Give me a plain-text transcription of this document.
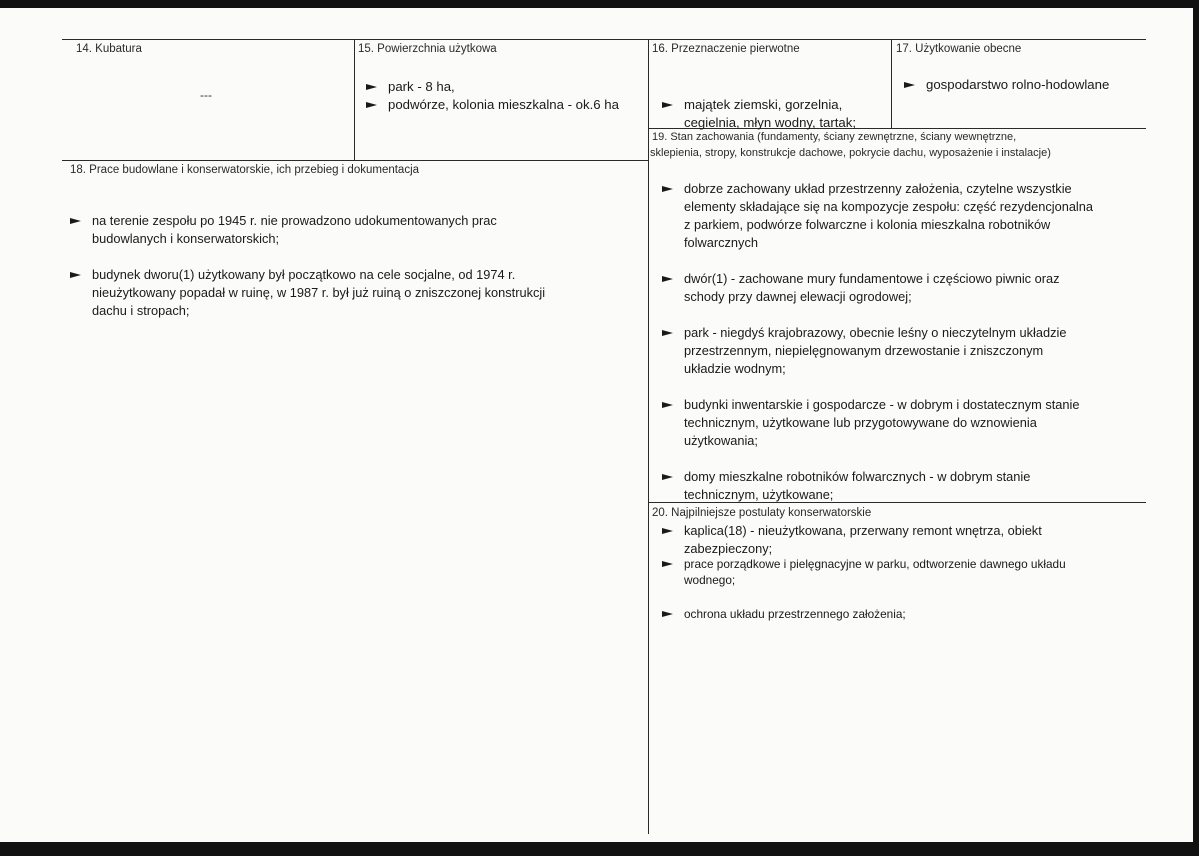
14. Kubatura
---
15. Powierzchnia użytkowa
park - 8 ha,
podwórze, kolonia mieszkalna - ok.6 ha
16. Przeznaczenie pierwotne

majątek ziemski, gorzelnia,
cegielnia, młyn wodny, tartak;

17. Użytkowanie obecne
gospodarstwo rolno-hodowlane
18. Prace budowlane i konserwatorskie, ich przebieg i dokumentacja

na terenie zespołu po 1945 r. nie prowadzono udokumentowanych prac
budowlanych i konserwatorskich;

budynek dworu(1) użytkowany był początkowo na cele socjalne, od 1974 r.
nieużytkowany popadał w ruinę, w 1987 r. był już ruiną o zniszczonej konstrukcji
dachu i stropach;

19. Stan zachowania (fundamenty, ściany zewnętrzne, ściany wewnętrzne,
sklepienia, stropy, konstrukcje dachowe, pokrycie dachu, wyposażenie i instalacje)

dobrze zachowany układ przestrzenny założenia, czytelne wszystkie
elementy składające się na kompozycje zespołu: część rezydencjonalna
z parkiem, podwórze folwarczne i kolonia mieszkalna robotników
folwarcznych

dwór(1) - zachowane mury fundamentowe i częściowo piwnic oraz
schody przy dawnej elewacji ogrodowej;

park - niegdyś krajobrazowy, obecnie leśny o nieczytelnym układzie
przestrzennym, niepielęgnowanym drzewostanie i zniszczonym
układzie wodnym;

budynki inwentarskie i gospodarcze - w dobrym i dostatecznym stanie
technicznym, użytkowane lub przygotowywane do wznowienia
użytkowania;

domy mieszkalne robotników folwarcznych - w dobrym stanie
technicznym, użytkowane;

kaplica(18) - nieużytkowana, przerwany remont wnętrza, obiekt
zabezpieczony;

20. Najpilniejsze postulaty konserwatorskie

prace porządkowe i pielęgnacyjne w parku, odtworzenie dawnego układu
wodnego;

ochrona układu przestrzennego założenia;
